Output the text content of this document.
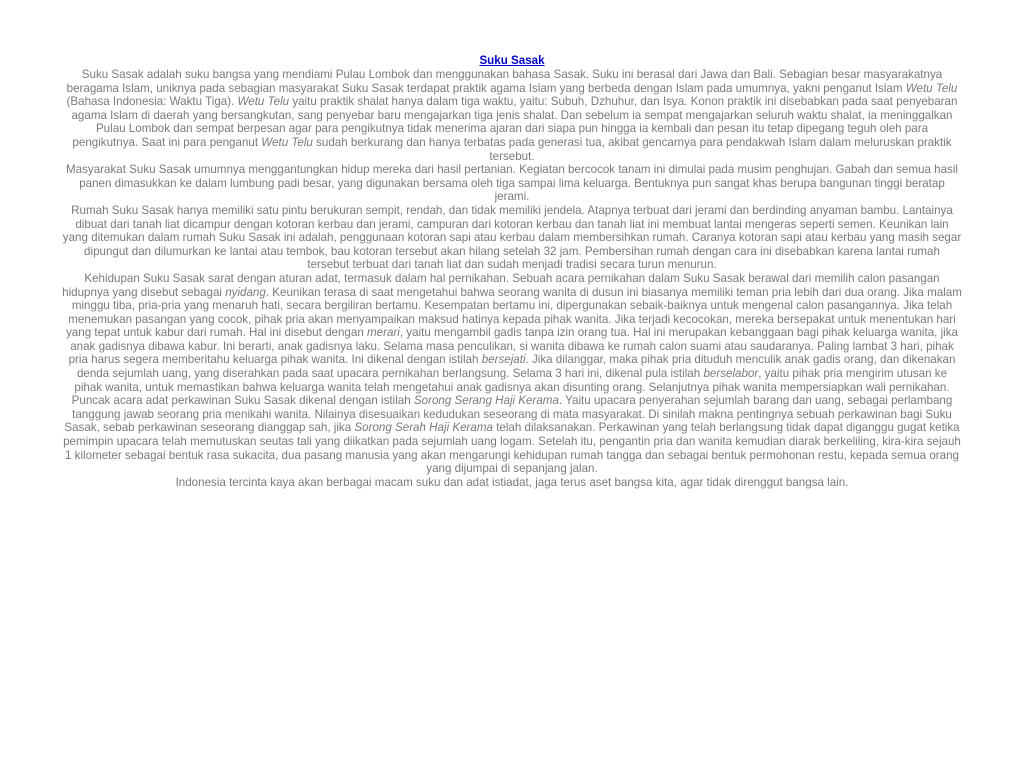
Suku Sasak

Suku Sasak adalah suku bangsa yang mendiami Pulau Lombok dan menggunakan bahasa Sasak. Suku ini berasal dari Jawa dan Bali. Sebagian besar masyarakatnya beragama Islam, uniknya pada sebagian masyarakat Suku Sasak terdapat praktik agama Islam yang berbeda dengan Islam pada umumnya, yakni penganut Islam Wetu Telu (Bahasa Indonesia: Waktu Tiga). Wetu Telu yaitu praktik shalat hanya dalam tiga waktu, yaitu: Subuh, Dzhuhur, dan Isya. Konon praktik ini disebabkan pada saat penyebaran agama Islam di daerah yang bersangkutan, sang penyebar baru mengajarkan tiga jenis shalat. Dan sebelum ia sempat mengajarkan seluruh waktu shalat, ia meninggalkan Pulau Lombok dan sempat berpesan agar para pengikutnya tidak menerima ajaran dari siapa pun hingga ia kembali dan pesan itu tetap dipegang teguh oleh para pengikutnya. Saat ini para penganut Wetu Telu sudah berkurang dan hanya terbatas pada generasi tua, akibat gencarnya para pendakwah Islam dalam meluruskan praktik tersebut.

Masyarakat Suku Sasak umumnya menggantungkan hidup mereka dari hasil pertanian. Kegiatan bercocok tanam ini dimulai pada musim penghujan. Gabah dan semua hasil panen dimasukkan ke dalam lumbung padi besar, yang digunakan bersama oleh tiga sampai lima keluarga. Bentuknya pun sangat khas berupa bangunan tinggi beratap jerami.

Rumah Suku Sasak hanya memiliki satu pintu berukuran sempit, rendah, dan tidak memiliki jendela. Atapnya terbuat dari jerami dan berdinding anyaman bambu. Lantainya dibuat dari tanah liat dicampur dengan kotoran kerbau dan jerami, campuran dari kotoran kerbau dan tanah liat ini membuat lantai mengeras seperti semen. Keunikan lain yang ditemukan dalam rumah Suku Sasak ini adalah, penggunaan kotoran sapi atau kerbau dalam membersihkan rumah. Caranya kotoran sapi atau kerbau yang masih segar dipungut dan dilumurkan ke lantai atau tembok, bau kotoran tersebut akan hilang setelah 32 jam. Pembersihan rumah dengan cara ini disebabkan karena lantai rumah tersebut terbuat dari tanah liat dan sudah menjadi tradisi secara turun menurun.

Kehidupan Suku Sasak sarat dengan aturan adat, termasuk dalam hal pernikahan. Sebuah acara pernikahan dalam Suku Sasak berawal dari memilih calon pasangan hidupnya yang disebut sebagai nyidang. Keunikan terasa di saat mengetahui bahwa seorang wanita di dusun ini biasanya memiliki teman pria lebih dari dua orang. Jika malam minggu tiba, pria-pria yang menaruh hati, secara bergiliran bertamu. Kesempatan bertamu ini, dipergunakan sebaik-baiknya untuk mengenal calon pasangannya. Jika telah menemukan pasangan yang cocok, pihak pria akan menyampaikan maksud hatinya kepada pihak wanita. Jika terjadi kecocokan, mereka bersepakat untuk menentukan hari yang tepat untuk kabur dari rumah. Hal ini disebut dengan merari, yaitu mengambil gadis tanpa izin orang tua. Hal ini merupakan kebanggaan bagi pihak keluarga wanita, jika anak gadisnya dibawa kabur. Ini berarti, anak gadisnya laku. Selama masa penculikan, si wanita dibawa ke rumah calon suami atau saudaranya. Paling lambat 3 hari, pihak pria harus segera memberitahu keluarga pihak wanita. Ini dikenal dengan istilah bersejati. Jika dilanggar, maka pihak pria dituduh menculik anak gadis orang, dan dikenakan denda sejumlah uang, yang diserahkan pada saat upacara pernikahan berlangsung. Selama 3 hari ini, dikenal pula istilah berselabor, yaitu pihak pria mengirim utusan ke pihak wanita, untuk memastikan bahwa keluarga wanita telah mengetahui anak gadisnya akan disunting orang. Selanjutnya pihak wanita mempersiapkan wali pernikahan. Puncak acara adat perkawinan Suku Sasak dikenal dengan istilah Sorong Serang Haji Kerama. Yaitu upacara penyerahan sejumlah barang dan uang, sebagai perlambang tanggung jawab seorang pria menikahi wanita. Nilainya disesuaikan kedudukan seseorang di mata masyarakat. Di sinilah makna pentingnya sebuah perkawinan bagi Suku Sasak, sebab perkawinan seseorang dianggap sah, jika Sorong Serah Haji Kerama telah dilaksanakan. Perkawinan yang telah berlangsung tidak dapat diganggu gugat ketika pemimpin upacara telah memutuskan seutas tali yang diikatkan pada sejumlah uang logam. Setelah itu, pengantin pria dan wanita kemudian diarak berkeliling, kira-kira sejauh 1 kilometer sebagai bentuk rasa sukacita, dua pasang manusia yang akan mengarungi kehidupan rumah tangga dan sebagai bentuk permohonan restu, kepada semua orang yang dijumpai di sepanjang jalan.

Indonesia tercinta kaya akan berbagai macam suku dan adat istiadat, jaga terus aset bangsa kita, agar tidak direnggut bangsa lain.
